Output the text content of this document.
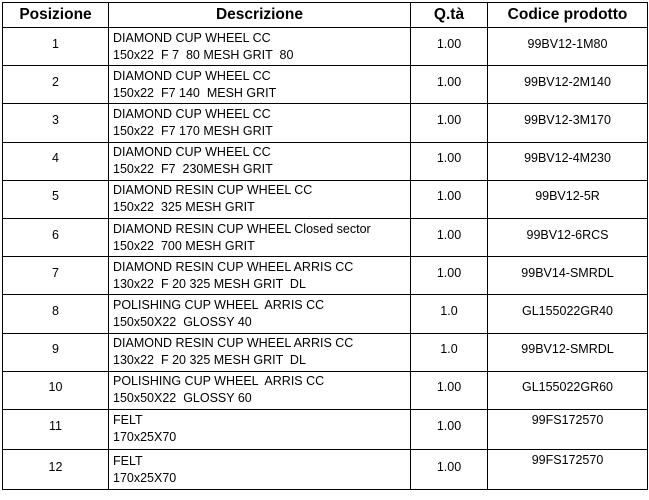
Posizione	Descrizione	Q.tà	Codice prodotto

1	DIAMOND CUP WHEEL CC
150x22  F 7  80 MESH GRIT  80	1.00	99BV12-1M80

2	DIAMOND CUP WHEEL CC
150x22  F7 140  MESH GRIT	1.00	99BV12-2M140

3	DIAMOND CUP WHEEL CC
150x22  F7 170 MESH GRIT	1.00	99BV12-3M170

4	DIAMOND CUP WHEEL CC
150x22  F7  230MESH GRIT	1.00	99BV12-4M230

5	DIAMOND RESIN CUP WHEEL CC
150x22  325 MESH GRIT	1.00	99BV12-5R

6	DIAMOND RESIN CUP WHEEL Closed sector
150x22  700 MESH GRIT	1.00	99BV12-6RCS

7	DIAMOND RESIN CUP WHEEL ARRIS CC
130x22  F 20 325 MESH GRIT  DL	1.00	99BV14-SMRDL

8	POLISHING CUP WHEEL  ARRIS CC
150x50X22  GLOSSY 40	1.0	GL155022GR40

9	DIAMOND RESIN CUP WHEEL ARRIS CC
130x22  F 20 325 MESH GRIT  DL	1.0	99BV12-SMRDL

10	POLISHING CUP WHEEL  ARRIS CC
150x50X22  GLOSSY 60	1.00	GL155022GR60

11	FELT
170x25X70	1.00	99FS172570

12	FELT
170x25X70	1.00	99FS172570
